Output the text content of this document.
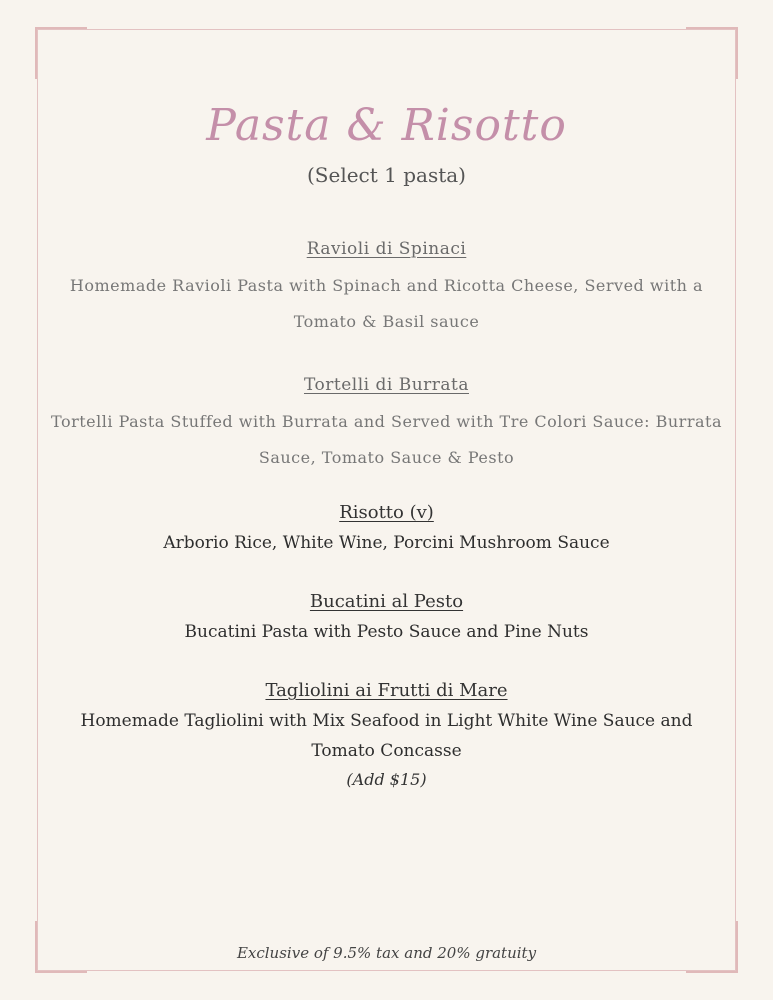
Pasta & Risotto
(Select 1 pasta)
Ravioli di Spinaci
Homemade Ravioli Pasta with Spinach and Ricotta Cheese, Served with a Tomato & Basil sauce
Tortelli di Burrata
Tortelli Pasta Stuffed with Burrata and Served with Tre Colori Sauce: Burrata Sauce, Tomato Sauce & Pesto
Risotto (v)
Arborio Rice, White Wine, Porcini Mushroom Sauce
Bucatini al Pesto
Bucatini Pasta with Pesto Sauce and Pine Nuts
Tagliolini ai Frutti di Mare
Homemade Tagliolini with Mix Seafood in Light White Wine Sauce and Tomato Concasse
(Add $15)
Exclusive of 9.5% tax and 20% gratuity
